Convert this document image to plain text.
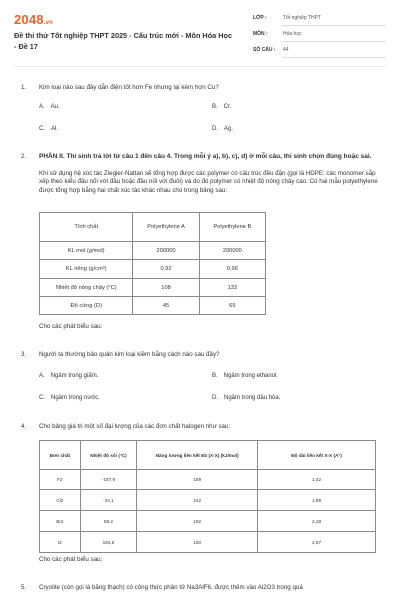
2048.vn
Đề thi thử Tốt nghiệp THPT 2025 - Cấu trúc mới - Môn Hóa Học - Đề 17
LỚP :	Tốt nghiệp THPT
MÔN :	Hóa học
SỐ CÂU : 44
1. Kim loại nào sau đây dẫn điện tốt hơn Fe nhưng lại kém hơn Cu?
A. Au.	B. Cr.
C. Al.	D. Ag.
2. PHẦN II. Thí sinh trả lời từ câu 1 đến câu 4. Trong mỗi ý a), b), c), d) ở mỗi câu, thí sinh chọn đúng hoặc sai.
Khi sử dụng hệ xúc tác Ziegler-Nattan sẽ tổng hợp được các polymer có cấu trúc đều đặn (gọi là HDPE: các monomer sắp xếp theo kiểu đầu nối với đầu hoặc đầu nối với đuôi) và do đó polymer có nhiệt độ nóng chảy cao. Có hai mẫu polyethylene được tổng hợp bằng hai chất xúc tác khác nhau cho trong bảng sau:
Tính chất	Polyethylene A	Polyethylene B
KL mol (g/mol)	200000	200000
KL riêng (g/cm³)	0,92	0,96
Nhiệt độ nóng chảy (°C)	108	133
Độ cứng (D)	45	65
Cho các phát biểu sau:
3. Người ta thường bảo quản kim loại kiềm bằng cách nào sau đây?
A. Ngâm trong giấm.	B. Ngâm trong ethanol.
C. Ngâm trong nước.	D. Ngâm trong dầu hỏa.
4. Cho bảng giá trị một số đại lượng của các đơn chất halogen như sau:
Đơn chất	Nhiệt độ sôi (°C)	Năng lượng liên kết Eb (X-X) (kJ/mol)	Độ dài liên kết X-X (A°)
F2	-187,9	159	1,42
Cl2	-34,1	242	1,99
Br2	58,2	192	2,28
I2	184,5	150	2,67
Cho các phát biểu sau:
5. Cryolite (còn gọi là băng thạch) có công thức phân tử Na3AlF6, được thêm vào Al2O3 trong quá
